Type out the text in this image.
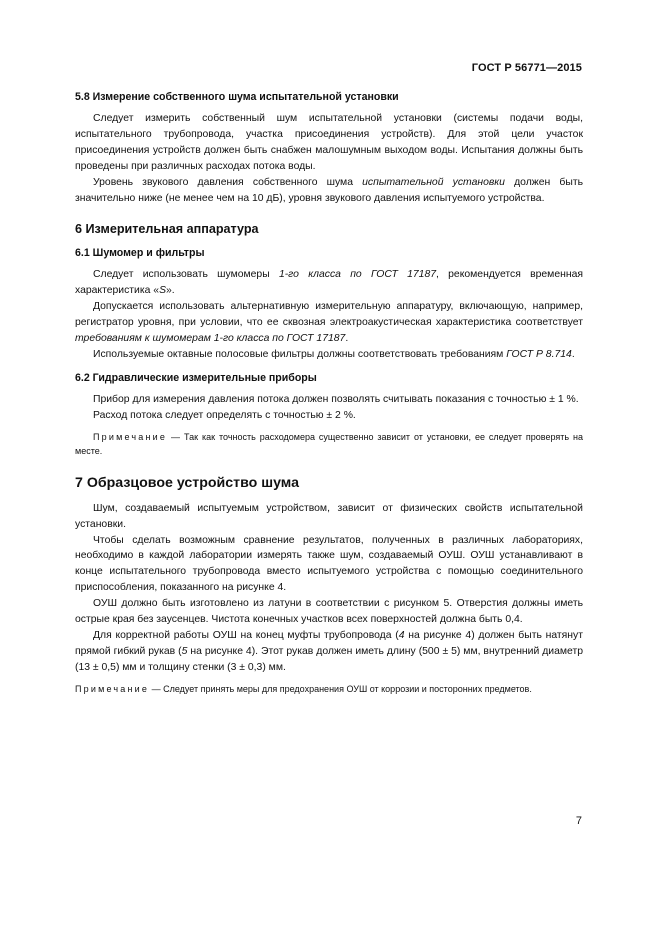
ГОСТ Р 56771—2015
5.8 Измерение собственного шума испытательной установки

Следует измерить собственный шум испытательной установки (системы подачи воды, испытательного трубопровода, участка присоединения устройств). Для этой цели участок присоединения устройств должен быть снабжен малошумным выходом воды. Испытания должны быть проведены при различных расходах потока воды.

Уровень звукового давления собственного шума испытательной установки должен быть значительно ниже (не менее чем на 10 дБ), уровня звукового давления испытуемого устройства.

6 Измерительная аппаратура
6.1 Шумомер и фильтры

Следует использовать шумомеры 1-го класса по ГОСТ 17187, рекомендуется временная характеристика «S».

Допускается использовать альтернативную измерительную аппаратуру, включающую, например, регистратор уровня, при условии, что ее сквозная электроакустическая характеристика соответствует требованиям к шумомерам 1-го класса по ГОСТ 17187.

Используемые октавные полосовые фильтры должны соответствовать требованиям ГОСТ Р 8.714.

6.2 Гидравлические измерительные приборы

Прибор для измерения давления потока должен позволять считывать показания с точностью ± 1 %.

Расход потока следует определять с точностью ± 2 %.

Примечание — Так как точность расходомера существенно зависит от установки, ее следует проверять на месте.

7 Образцовое устройство шума

Шум, создаваемый испытуемым устройством, зависит от физических свойств испытательной установки.

Чтобы сделать возможным сравнение результатов, полученных в различных лабораториях, необходимо в каждой лаборатории измерять также шум, создаваемый ОУШ. ОУШ устанавливают в конце испытательного трубопровода вместо испытуемого устройства с помощью соединительного приспособления, показанного на рисунке 4.

ОУШ должно быть изготовлено из латуни в соответствии с рисунком 5. Отверстия должны иметь острые края без заусенцев. Чистота конечных участков всех поверхностей должна быть 0,4.

Для корректной работы ОУШ на конец муфты трубопровода (4 на рисунке 4) должен быть натянут прямой гибкий рукав (5 на рисунке 4). Этот рукав должен иметь длину (500 ± 5) мм, внутренний диаметр (13 ± 0,5) мм и толщину стенки (3 ± 0,3) мм.

Примечание — Следует принять меры для предохранения ОУШ от коррозии и посторонних предметов.

7
